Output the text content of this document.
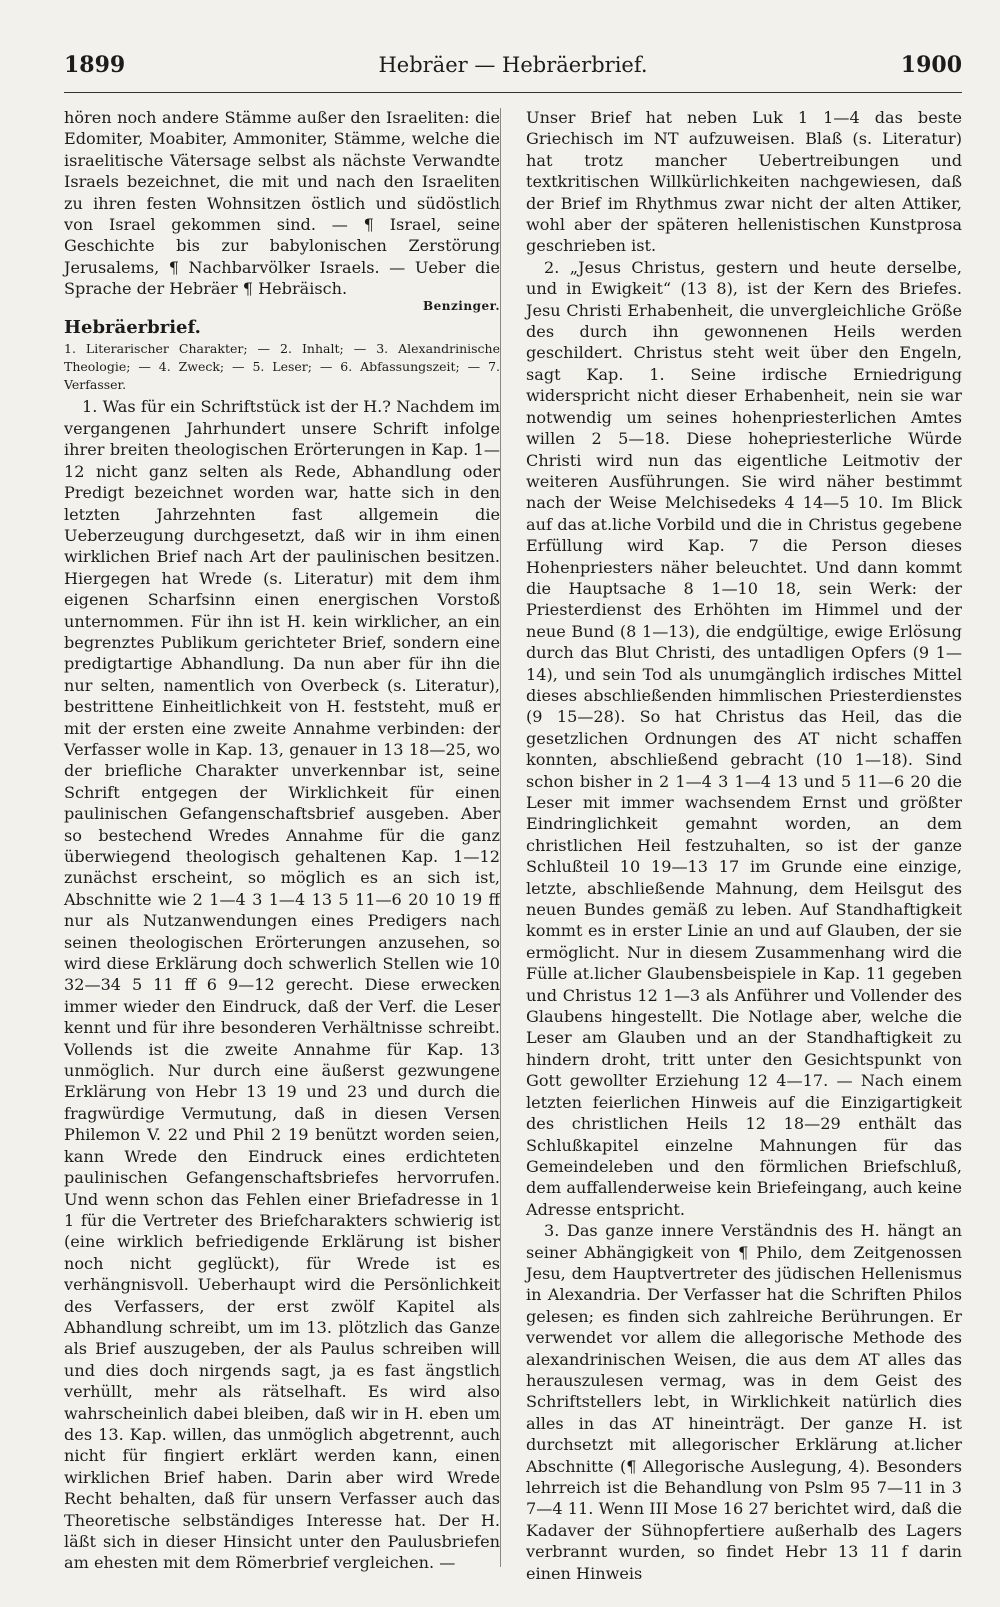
1899	Hebräer — Hebräerbrief.	1900

hören noch andere Stämme außer den Israeliten: die Edomiter, Moabiter, Ammoniter, Stämme, welche die israelitische Vätersage selbst als nächste Verwandte Israels bezeichnet, die mit und nach den Israeliten zu ihren festen Wohnsitzen östlich und südöstlich von Israel gekommen sind. — ¶ Israel, seine Geschichte bis zur babylonischen Zerstörung Jerusalems, ¶ Nachbarvölker Israels. — Ueber die Sprache der Hebräer ¶ Hebräisch.

Benzinger.
Hebräerbrief.
1. Literarischer Charakter; — 2. Inhalt; — 3. Alexandrinische Theologie; — 4. Zweck; — 5. Leser; — 6. Abfassungszeit; — 7. Verfasser.

1. Was für ein Schriftstück ist der H.? Nachdem im vergangenen Jahrhundert unsere Schrift infolge ihrer breiten theologischen Erörterungen in Kap. 1—12 nicht ganz selten als Rede, Abhandlung oder Predigt bezeichnet worden war, hatte sich in den letzten Jahrzehnten fast allgemein die Ueberzeugung durchgesetzt, daß wir in ihm einen wirklichen Brief nach Art der paulinischen besitzen. Hiergegen hat Wrede (s. Literatur) mit dem ihm eigenen Scharfsinn einen energischen Vorstoß unternommen. Für ihn ist H. kein wirklicher, an ein begrenztes Publikum gerichteter Brief, sondern eine predigtartige Abhandlung. Da nun aber für ihn die nur selten, namentlich von Overbeck (s. Literatur), bestrittene Einheitlichkeit von H. feststeht, muß er mit der ersten eine zweite Annahme verbinden: der Verfasser wolle in Kap. 13, genauer in 13 18—25, wo der briefliche Charakter unverkennbar ist, seine Schrift entgegen der Wirklichkeit für einen paulinischen Gefangenschaftsbrief ausgeben. Aber so bestechend Wredes Annahme für die ganz überwiegend theologisch gehaltenen Kap. 1—12 zunächst erscheint, so möglich es an sich ist, Abschnitte wie 2 1—4 3 1—4 13 5 11—6 20 10 19 ff nur als Nutzanwendungen eines Predigers nach seinen theologischen Erörterungen anzusehen, so wird diese Erklärung doch schwerlich Stellen wie 10 32—34 5 11 ff 6 9—12 gerecht. Diese erwecken immer wieder den Eindruck, daß der Verf. die Leser kennt und für ihre besonderen Verhältnisse schreibt. Vollends ist die zweite Annahme für Kap. 13 unmöglich. Nur durch eine äußerst gezwungene Erklärung von Hebr 13 19 und 23 und durch die fragwürdige Vermutung, daß in diesen Versen Philemon V. 22 und Phil 2 19 benützt worden seien, kann Wrede den Eindruck eines erdichteten paulinischen Gefangenschaftsbriefes hervorrufen. Und wenn schon das Fehlen einer Briefadresse in 1 1 für die Vertreter des Briefcharakters schwierig ist (eine wirklich befriedigende Erklärung ist bisher noch nicht geglückt), für Wrede ist es verhängnisvoll. Ueberhaupt wird die Persönlichkeit des Verfassers, der erst zwölf Kapitel als Abhandlung schreibt, um im 13. plötzlich das Ganze als Brief auszugeben, der als Paulus schreiben will und dies doch nirgends sagt, ja es fast ängstlich verhüllt, mehr als rätselhaft. Es wird also wahrscheinlich dabei bleiben, daß wir in H. eben um des 13. Kap. willen, das unmöglich abgetrennt, auch nicht für fingiert erklärt werden kann, einen wirklichen Brief haben. Darin aber wird Wrede Recht behalten, daß für unsern Verfasser auch das Theoretische selbständiges Interesse hat. Der H. läßt sich in dieser Hinsicht unter den Paulusbriefen am ehesten mit dem Römerbrief vergleichen. —

Unser Brief hat neben Luk 1 1—4 das beste Griechisch im NT aufzuweisen. Blaß (s. Literatur) hat trotz mancher Uebertreibungen und textkritischen Willkürlichkeiten nachgewiesen, daß der Brief im Rhythmus zwar nicht der alten Attiker, wohl aber der späteren hellenistischen Kunstprosa geschrieben ist.

2. „Jesus Christus, gestern und heute derselbe, und in Ewigkeit“ (13 8), ist der Kern des Briefes. Jesu Christi Erhabenheit, die unvergleichliche Größe des durch ihn gewonnenen Heils werden geschildert. Christus steht weit über den Engeln, sagt Kap. 1. Seine irdische Erniedrigung widerspricht nicht dieser Erhabenheit, nein sie war notwendig um seines hohenpriesterlichen Amtes willen 2 5—18. Diese hohepriesterliche Würde Christi wird nun das eigentliche Leitmotiv der weiteren Ausführungen. Sie wird näher bestimmt nach der Weise Melchisedeks 4 14—5 10. Im Blick auf das at.liche Vorbild und die in Christus gegebene Erfüllung wird Kap. 7 die Person dieses Hohenpriesters näher beleuchtet. Und dann kommt die Hauptsache 8 1—10 18, sein Werk: der Priesterdienst des Erhöhten im Himmel und der neue Bund (8 1—13), die endgültige, ewige Erlösung durch das Blut Christi, des untadligen Opfers (9 1—14), und sein Tod als unumgänglich irdisches Mittel dieses abschließenden himmlischen Priesterdienstes (9 15—28). So hat Christus das Heil, das die gesetzlichen Ordnungen des AT nicht schaffen konnten, abschließend gebracht (10 1—18). Sind schon bisher in 2 1—4 3 1—4 13 und 5 11—6 20 die Leser mit immer wachsendem Ernst und größter Eindringlichkeit gemahnt worden, an dem christlichen Heil festzuhalten, so ist der ganze Schlußteil 10 19—13 17 im Grunde eine einzige, letzte, abschließende Mahnung, dem Heilsgut des neuen Bundes gemäß zu leben. Auf Standhaftigkeit kommt es in erster Linie an und auf Glauben, der sie ermöglicht. Nur in diesem Zusammenhang wird die Fülle at.licher Glaubensbeispiele in Kap. 11 gegeben und Christus 12 1—3 als Anführer und Vollender des Glaubens hingestellt. Die Notlage aber, welche die Leser am Glauben und an der Standhaftigkeit zu hindern droht, tritt unter den Gesichtspunkt von Gott gewollter Erziehung 12 4—17. — Nach einem letzten feierlichen Hinweis auf die Einzigartigkeit des christlichen Heils 12 18—29 enthält das Schlußkapitel einzelne Mahnungen für das Gemeindeleben und den förmlichen Briefschluß, dem auffallenderweise kein Briefeingang, auch keine Adresse entspricht.

3. Das ganze innere Verständnis des H. hängt an seiner Abhängigkeit von ¶ Philo, dem Zeitgenossen Jesu, dem Hauptvertreter des jüdischen Hellenismus in Alexandria. Der Verfasser hat die Schriften Philos gelesen; es finden sich zahlreiche Berührungen. Er verwendet vor allem die allegorische Methode des alexandrinischen Weisen, die aus dem AT alles das herauszulesen vermag, was in dem Geist des Schriftstellers lebt, in Wirklichkeit natürlich dies alles in das AT hineinträgt. Der ganze H. ist durchsetzt mit allegorischer Erklärung at.licher Abschnitte (¶ Allegorische Auslegung, 4). Besonders lehrreich ist die Behandlung von Pslm 95 7—11 in 3 7—4 11. Wenn III Mose 16 27 berichtet wird, daß die Kadaver der Sühnopfertiere außerhalb des Lagers verbrannt wurden, so findet Hebr 13 11 f darin einen Hinweis
